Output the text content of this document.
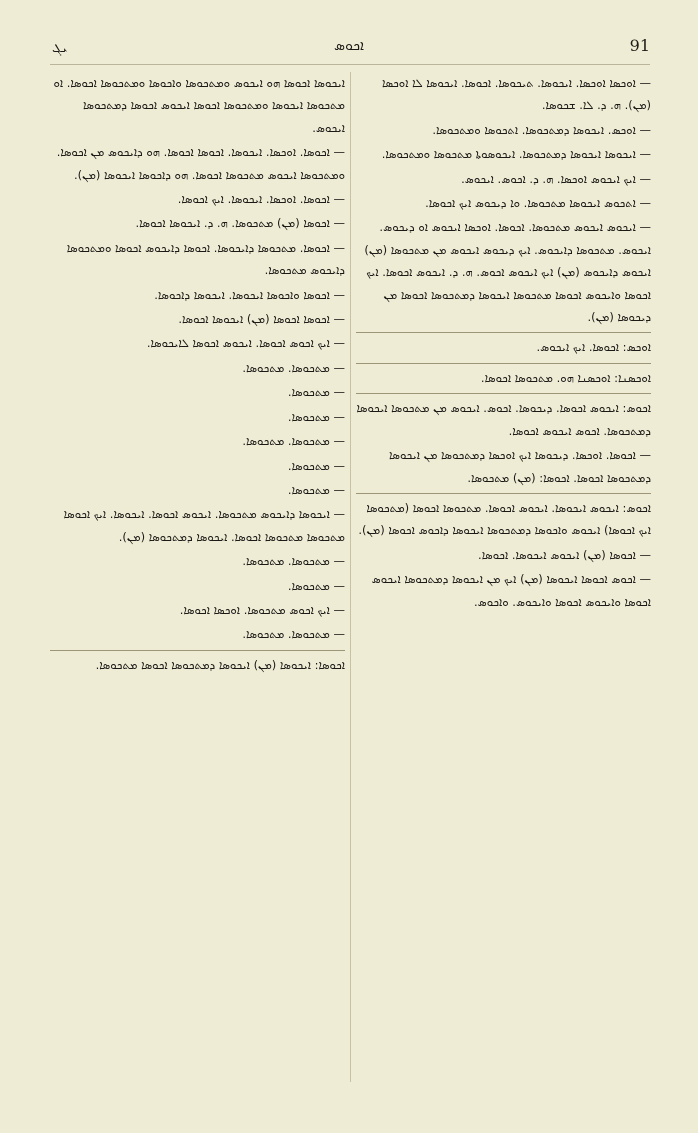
ܝܓ	ܐܟܘܣ	91

— ܐܘܟܣܐ ܐܘܟܣܐ. ܐܝܟܘܣܐ. ܬܝܟܘܣܐ. ܐܟܘܣܐ. ܐܝܟܘܣܐ ܠܐ ܐܘܟܣܐ (ܡܢ). ܗ. ܕ. ܠܐ. ܫܟܘܣܐ.

— ܐܘܟܣ. ܐܝܟܘܣܐ ܕܡܬܟܘܣܐ. ܐܬܟܘܣܐ ܘܡܬܟܘܣܐ.

— ܐܝܟܘܣܐ ܐܝܟܘܣܐ ܕܡܬܟܘܣܐ. ܐܝܟܘܣܘܬܐ ܡܬܟܘܣܐ ܘܡܬܟܘܣܐ.

— ܐܝܟ ܐܝܟܘܣ ܐܘܟܣܐ. ܗ. ܕ. ܐܟܘܣ. ܐܝܟܘܣ.

— ܐܬܟܘܣ ܐܝܟܘܣܐ ܡܬܟܘܣܐ. ܘܐ ܕܝܟܘܣ ܐܝܟ ܐܟܘܣܐ.

— ܐܝܟܘܣ ܐܝܟܘܣ ܡܬܟܘܣܐ. ܐܟܘܣܐ. ܐܘܟܣܐ ܐܝܟܘܣ ܐܘ ܕܝܟܘܣ. ܐܝܟܘܣ. ܡܬܟܘܣܐ ܕܐܝܟܘܣ. ܐܝܟ ܕܝܟܘܣ ܐܝܟܘܣ ܡܢ ܡܬܟܘܣܐ (ܡܢ) ܐܝܟܘܣ ܕܐܝܟܘܣ (ܡܢ) ܐܝܟ ܐܝܟܘܣ ܐܟܘܣ. ܗ. ܕ. ܐܝܟܘܣ ܐܟܘܣܐ. ܐܝܟ ܐܟܘܣܐ ܘܐܝܟܘܣ ܐܟܘܣܐ ܡܬܟܘܣܐ ܐܝܟܘܣܐ ܕܡܬܟܘܣܐ ܐܟܘܣܐ ܡܢ ܕܝܟܘܣܐ (ܡܢ).

ܐܘܟܣ: ܐܟܘܣܐ. ܐܝܟ ܐܝܟܘܣ.

ܐܘܟܣܢܐ: ܐܘܟܣܢܐ ܗܘ. ܡܬܟܘܣܐ ܐܟܘܣܐ.

ܐܟܘܣ: ܐܝܟܘܣ ܐܟܘܣܐ. ܕܝܟܘܣܐ. ܐܟܘܣ. ܐܝܟܘܣ ܡܢ ܡܬܟܘܣܐ ܐܝܟܘܣܐ ܕܡܬܟܘܣܐ. ܐܟܘܣ ܐܝܟܘܣ ܐܟܘܣܐ.

— ܐܟܘܣܐ. ܐܘܟܣܐ. ܕܝܟܘܣܐ ܐܝܟ ܐܘܟܣܐ ܕܡܬܟܘܣܐ ܡܢ ܐܝܟܘܣܐ ܕܡܬܟܘܣܐ ܐܟܘܣܐ. ܐܟܘܣܐ: (ܡܢ) ܡܬܟܘܣܐ.

ܐܟܘܣ: ܐܝܟܘܣ ܐܝܟܘܣܐ. ܐܝܟܘܣ ܐܟܘܣܐ. ܡܬܟܘܣܐ ܐܟܘܣܐ (ܡܬܟܘܣܐ ܐܝܟ ܐܟܘܣܐ) ܐܝܟܘܣ ܘܐܟܘܣܐ ܕܡܬܟܘܣܐ ܐܝܟܘܣܐ ܕܐܟܘܣ ܐܟܘܣܐ (ܡܢ).

— ܐܟܘܣܐ (ܡܢ) ܐܝܟܘܣ ܐܝܟܘܣܐ. ܐܟܘܣܐ.

— ܐܟܘܣ ܐܟܘܣܐ ܐܝܟܘܣܐ (ܡܢ) ܐܝܟ ܡܢ ܐܝܟܘܣܐ ܕܡܬܟܘܣܐ ܐܝܟܘܣ ܐܟܘܣܐ ܘܐܝܟܘܣ ܐܟܘܣܐ ܘܐܝܟܘܣ. ܘܐܟܘܣ.

ܐܝܟܘܣܐ ܐܟܘܣܐ ܗܘ ܐܝܟܘܣ ܘܡܬܟܘܣܐ ܘܐܟܘܣܐ ܘܡܬܟܘܣܐ ܐܟܘܣܐ. ܐܘ ܡܬܟܘܣܐ ܐܝܟܘܣܐ ܘܡܬܟܘܣܐ ܐܟܘܣܐ ܐܝܟܘܣ ܐܟܘܣܐ ܕܡܬܟܘܣܐ ܐܝܟܘܣ.

— ܐܟܘܣܐ. ܐܘܟܣܐ. ܐܝܟܘܣܐ. ܐܟܘܣܐ ܐܟܘܣܐ. ܗܘ ܕܐܝܟܘܣ ܡܢ ܐܟܘܣܐ. ܘܡܬܟܘܣܐ ܐܝܟܘܣ ܡܬܟܘܣܐ ܐܟܘܣܐ. ܗܘ ܕܐܟܘܣܐ ܐܝܟܘܣܐ (ܡܢ).

— ܐܟܘܣܐ. ܐܘܟܣܐ. ܐܝܟܘܣܐ. ܐܝܟ ܐܟܘܣܐ.

— ܐܟܘܣܐ (ܡܢ) ܡܬܟܘܣܐ. ܗ. ܕ. ܐܝܟܘܣܐ ܐܟܘܣܐ.

— ܐܟܘܣܐ. ܡܬܟܘܣܐ ܕܐܝܟܘܣܐ. ܐܟܘܣܐ ܕܐܝܟܘܣ ܐܟܘܣܐ ܘܡܬܟܘܣܐ ܕܐܝܟܘܣ ܡܬܟܘܣܐ.

— ܐܟܘܣܐ ܘܐܟܘܣܐ ܐܝܟܘܣܐ. ܐܝܟܘܣܐ ܕܐܟܘܣܐ.

— ܐܟܘܣܐ ܐܟܘܣܐ (ܡܢ) ܐܝܟܘܣܐ ܐܟܘܣܐ.

— ܐܝܟ ܐܟܘܣ ܐܟܘܣܐ. ܐܝܟܘܣ ܐܟܘܣܐ ܠܐܝܟܘܣܐ.

— ܡܬܟܘܣܐ. ܡܬܟܘܣܐ.

— ܡܬܟܘܣܐ.

— ܡܬܟܘܣܐ.

— ܡܬܟܘܣܐ. ܡܬܟܘܣܐ.

— ܡܬܟܘܣܐ.

— ܡܬܟܘܣܐ.

— ܐܝܟܘܣܐ ܕܐܝܟܘܣ ܡܬܟܘܣܐ. ܐܝܟܘܣ ܐܟܘܣܐ. ܐܝܟܘܣܐ. ܐܝܟ ܐܟܘܣܐ ܡܬܟܘܣܐ ܡܬܟܘܣܐ ܐܟܘܣܐ. ܐܝܟܘܣܐ ܕܡܬܟܘܣܐ (ܡܢ).

— ܡܬܟܘܣܐ. ܡܬܟܘܣܐ.

— ܡܬܟܘܣܐ.

— ܐܝܟ ܐܟܘܣ ܡܬܟܘܣܐ. ܐܘܟܣܐ ܐܟܘܣܐ.

— ܡܬܟܘܣܐ. ܡܬܟܘܣܐ.

ܐܟܘܣܐ: ܐܝܟܘܣܐ (ܡܢ) ܐܝܟܘܣܐ ܕܡܬܟܘܣܐ ܐܟܘܣܐ ܡܬܟܘܣܐ.
